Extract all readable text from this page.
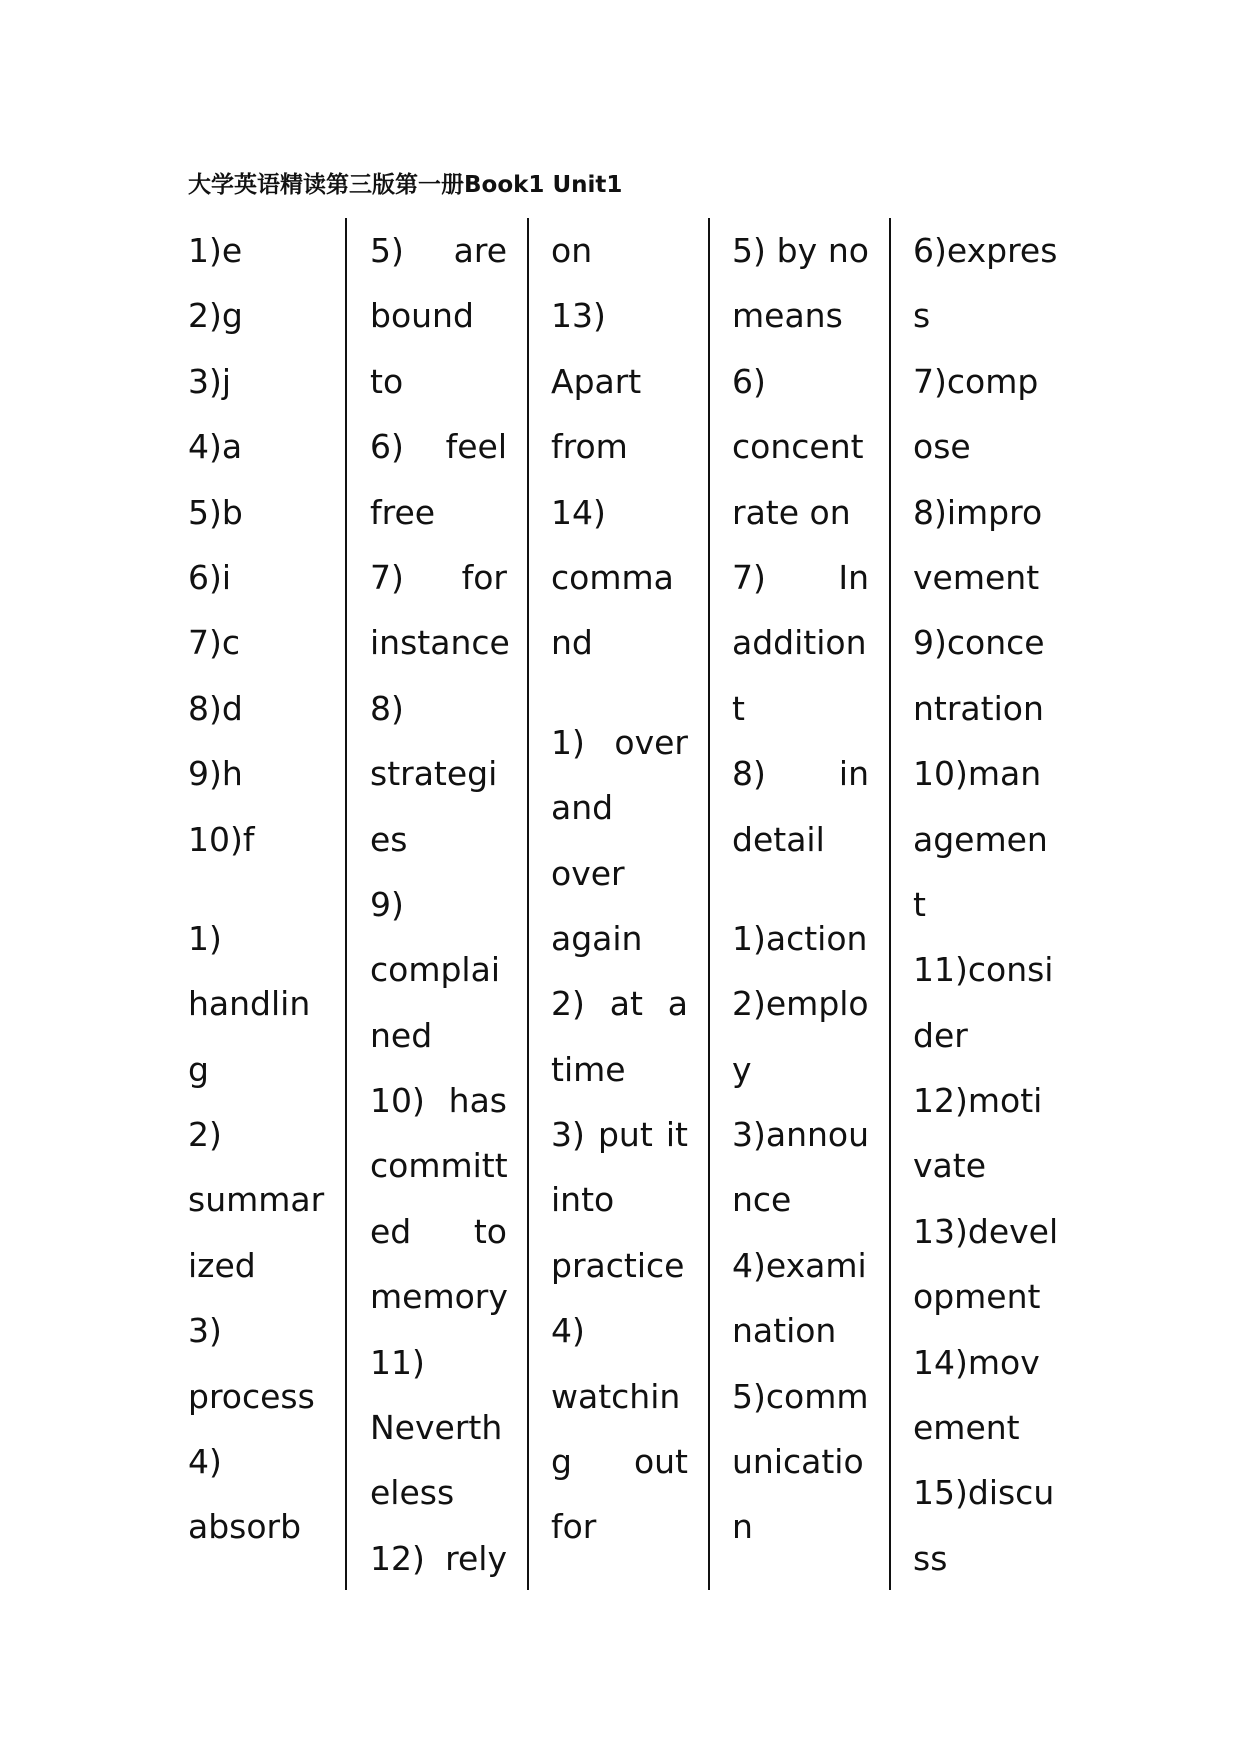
大学英语精读第三版第一册Book1 Unit1
1)e
2)g
3)j
4)a
5)b
6)i
7)c
8)d
9)h
10)f
1)
handlin
g
2)
summar
ized
3)
process
4)
absorb
5) are
bound
to
6) feel
free
7) for
instance
8)
strategi
es
9)
complai
ned
10) has
committ
ed to
memory
11)
Neverth
eless
12) rely
on
13)
Apart
from
14)
comma
nd
1) over
and
over
again
2) at a
time
3) put it
into
practice
4)
watchin
g out
for
5) by no
means
6)
concent
rate on
7) In
addition
t
8) in
detail
1)action
2)emplo
y
3)annou
nce
4)exami
nation
5)comm
unicatio
n
6)expres
s
7)comp
ose
8)impro
vement
9)conce
ntration
10)man
agemen
t
11)consi
der
12)moti
vate
13)devel
opment
14)mov
ement
15)discu
ss
